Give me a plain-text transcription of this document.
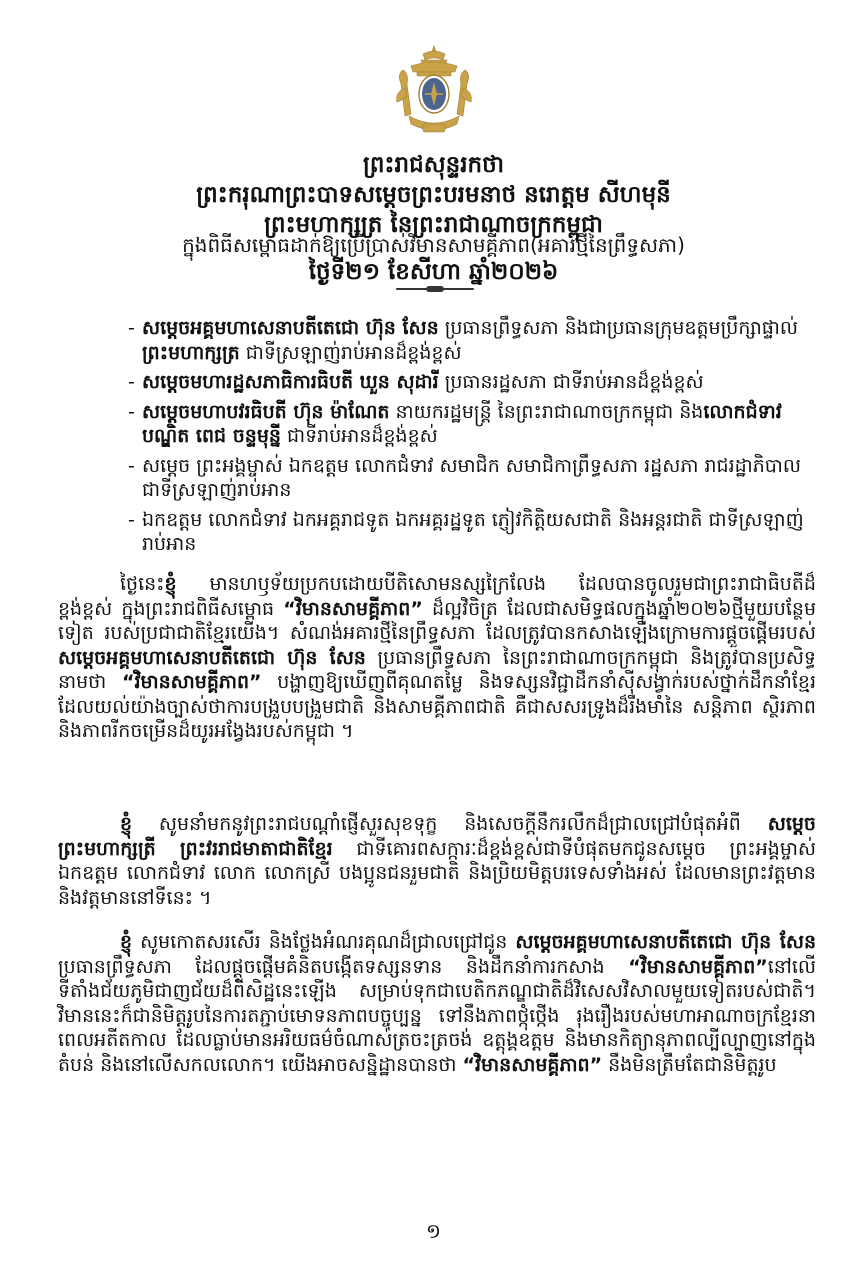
ព្រះរាជសុន្ទរកថា
ព្រះករុណាព្រះបាទសម្ដេចព្រះបរមនាថ នរោត្តម សីហមុនី
ព្រះមហាក្សត្រ នៃព្រះរាជាណាចក្រកម្ពុជា
ក្នុងពិធីសម្ពោធដាក់ឱ្យប្រើប្រាស់វិមានសាមគ្គីភាព(អគារថ្មីនៃព្រឹទ្ធសភា)
ថ្ងៃទី២១ ខែសីហា ឆ្នាំ២០២៦
- សម្ដេចអគ្គមហាសេនាបតីតេជោ ហ៊ុន សែន ប្រធានព្រឹទ្ធសភា និងជាប្រធានក្រុមឧត្ដមប្រឹក្សាផ្ទាល់ ព្រះមហាក្សត្រ ជាទីស្រឡាញ់រាប់អានដ៏ខ្ពង់ខ្ពស់
- សម្ដេចមហារដ្ឋសភាធិការធិបតី ឃួន សុដារី ប្រធានរដ្ឋសភា ជាទីរាប់អានដ៏ខ្ពង់ខ្ពស់
- សម្ដេចមហាបវរធិបតី ហ៊ុន ម៉ាណែត នាយករដ្ឋមន្ត្រី នៃព្រះរាជាណាចក្រកម្ពុជា និងលោកជំទាវបណ្ឌិត ពេជ ចន្ទមុន្នី ជាទីរាប់អានដ៏ខ្ពង់ខ្ពស់
- សម្ដេច ព្រះអង្គម្ចាស់ ឯកឧត្ដម លោកជំទាវ សមាជិក សមាជិកាព្រឹទ្ធសភា រដ្ឋសភា រាជរដ្ឋាភិបាល ជាទីស្រឡាញ់រាប់អាន
- ឯកឧត្ដម លោកជំទាវ ឯកអគ្គរាជទូត ឯកអគ្គរដ្ឋទូត ភ្ញៀវកិត្តិយសជាតិ និងអន្តរជាតិ ជាទីស្រឡាញ់រាប់អាន
ថ្ងៃនេះខ្ញុំ មានហឫទ័យប្រកបដោយបីតិសោមនស្សក្រៃលែង ដែលបានចូលរួមជាព្រះរាជាធិបតីដ៏ខ្ពង់ខ្ពស់ ក្នុងព្រះរាជពិធីសម្ពោធ “វិមានសាមគ្គីភាព” ដ៏ល្អវិចិត្រ ដែលជាសមិទ្ធផលក្នុងឆ្នាំ២០២៦ថ្មីមួយបន្ថែមទៀត របស់ប្រជាជាតិខ្មែរយើង។ សំណង់អគារថ្មីនៃព្រឹទ្ធសភា ដែលត្រូវបានកសាងឡើងក្រោមការផ្ដួចផ្ដើមរបស់ សម្ដេចអគ្គមហាសេនាបតីតេជោ ហ៊ុន សែន ប្រធានព្រឹទ្ធសភា នៃព្រះរាជាណាចក្រកម្ពុជា និងត្រូវបានប្រសិទ្ធនាមថា “វិមានសាមគ្គីភាព” បង្ហាញឱ្យឃើញពីគុណតម្លៃ និងទស្សនវិជ្ជាដឹកនាំស៊ីសង្វាក់របស់ថ្នាក់ដឹកនាំខ្មែរ ដែលយល់យ៉ាងច្បាស់ថាការបង្រួបបង្រួមជាតិ និងសាមគ្គីភាពជាតិ គឺជាសសរទ្រូងដ៏រឹងមាំនៃ សន្តិភាព ស្ថិរភាព និងភាពរីកចម្រើនដ៏យូរអង្វែងរបស់កម្ពុជា ។
ខ្ញុំ សូមនាំមកនូវព្រះរាជបណ្ដាំផ្ញើសួរសុខទុក្ខ និងសេចក្ដីនឹករលឹកដ៏ជ្រាលជ្រៅបំផុតអំពី សម្ដេចព្រះមហាក្សត្រី ព្រះវររាជមាតាជាតិខ្មែរ ជាទីគោរពសក្ការៈដ៏ខ្ពង់ខ្ពស់ជាទីបំផុតមកជូនសម្ដេច ព្រះអង្គម្ចាស់ ឯកឧត្ដម លោកជំទាវ លោក លោកស្រី បងប្អូនជនរួមជាតិ និងប្រិយមិត្តបរទេសទាំងអស់ ដែលមានព្រះវត្តមាន និងវត្តមាននៅទីនេះ ។
ខ្ញុំ សូមកោតសរសើរ និងថ្លែងអំណរគុណដ៏ជ្រាលជ្រៅជូន សម្ដេចអគ្គមហាសេនាបតីតេជោ ហ៊ុន សែន ប្រធានព្រឹទ្ធសភា ដែលផ្ដួចផ្ដើមគំនិតបង្កើតទស្សនទាន និងដឹកនាំការកសាង “វិមានសាមគ្គីភាព”នៅលើទីតាំងជ័យភូមិជាញជ័យដ៏ពិសិដ្ឋនេះឡើង សម្រាប់ទុកជាបេតិកភណ្ឌជាតិដ៏វិសេសវិសាលមួយទៀតរបស់ជាតិ។ វិមាននេះក៏ជានិមិត្តរូបនៃការតភ្ជាប់មោទនភាពបច្ចុប្បន្ន ទៅនឹងភាពថ្កុំថ្កើង រុងរឿងរបស់មហាអាណាចក្រខ្មែរនាពេលអតីតកាល ដែលធ្លាប់មានអរិយធម៌ចំណាស់ត្រចះត្រចង់ ឧត្ដុង្គឧត្ដម និងមានកិត្យានុភាពល្បីល្បាញនៅក្នុងតំបន់ និងនៅលើសកលលោក។ យើងអាចសន្និដ្ឋានបានថា “វិមានសាមគ្គីភាព” នឹងមិនត្រឹមតែជានិមិត្តរូប
១
